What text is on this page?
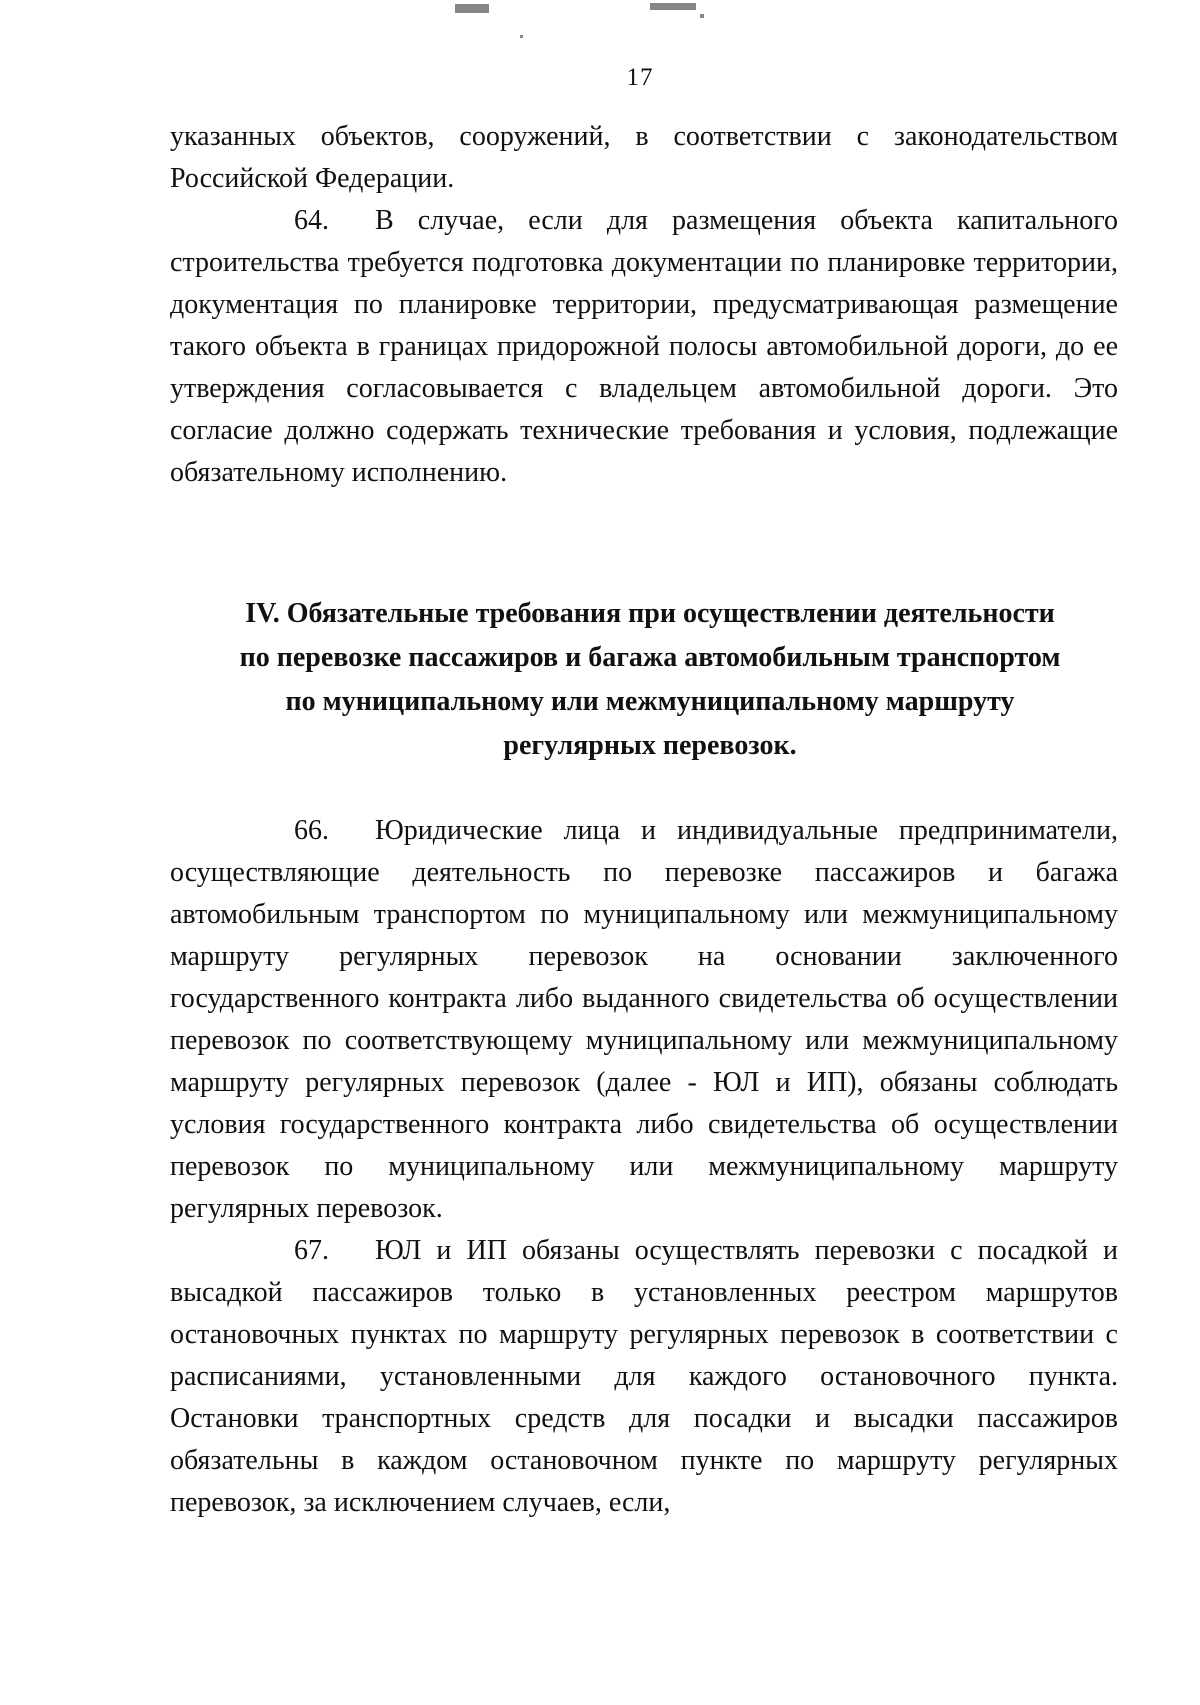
17

указанных объектов, сооружений, в соответствии с законодательством Российской Федерации.

64. В случае, если для размещения объекта капитального строительства требуется подготовка документации по планировке территории, документация по планировке территории, предусматривающая размещение такого объекта в границах придорожной полосы автомобильной дороги, до ее утверждения согласовывается с владельцем автомобильной дороги. Это согласие должно содержать технические требования и условия, подлежащие обязательному исполнению.

IV. Обязательные требования при осуществлении деятельности
по перевозке пассажиров и багажа автомобильным транспортом
по муниципальному или межмуниципальному маршруту
регулярных перевозок.

66. Юридические лица и индивидуальные предприниматели, осуществляющие деятельность по перевозке пассажиров и багажа автомобильным транспортом по муниципальному или межмуниципальному маршруту регулярных перевозок на основании заключенного государственного контракта либо выданного свидетельства об осуществлении перевозок по соответствующему муниципальному или межмуниципальному маршруту регулярных перевозок (далее - ЮЛ и ИП), обязаны соблюдать условия государственного контракта либо свидетельства об осуществлении перевозок по муниципальному или межмуниципальному маршруту регулярных перевозок.

67. ЮЛ и ИП обязаны осуществлять перевозки с посадкой и высадкой пассажиров только в установленных реестром маршрутов остановочных пунктах по маршруту регулярных перевозок в соответствии с расписаниями, установленными для каждого остановочного пункта. Остановки транспортных средств для посадки и высадки пассажиров обязательны в каждом остановочном пункте по маршруту регулярных перевозок, за исключением случаев, если,
